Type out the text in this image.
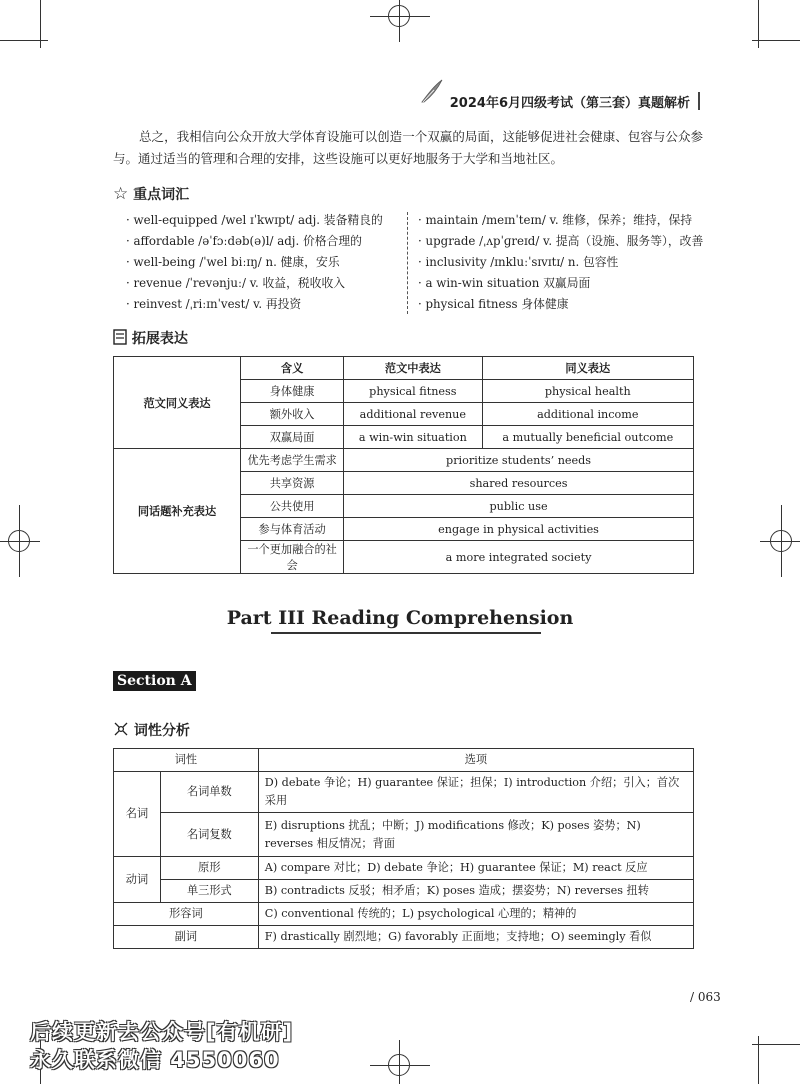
2024年6月四级考试（第三套）真题解析
总之，我相信向公众开放大学体育设施可以创造一个双赢的局面，这能够促进社会健康、包容与公众参与。通过适当的管理和合理的安排，这些设施可以更好地服务于大学和当地社区。
☆ 重点词汇
· well-equipped /wel ɪˈkwɪpt/ adj. 装备精良的
· affordable /əˈfɔːdəb(ə)l/ adj. 价格合理的
· well-being /ˈwel biːɪŋ/ n. 健康，安乐
· revenue /ˈrevənjuː/ v. 收益，税收收入
· reinvest /ˌriːɪnˈvest/ v. 再投资
· maintain /meɪnˈteɪn/ v. 维修，保养；维持，保持
· upgrade /ˌʌpˈɡreɪd/ v. 提高（设施、服务等），改善
· inclusivity /ɪnkluːˈsɪvɪtɪ/ n. 包容性
· a win-win situation 双赢局面
· physical fitness 身体健康
拓展表达
范文同义表达	含义	范文中表达	同义表达
	身体健康	physical fitness	physical health
	额外收入	additional revenue	additional income
	双赢局面	a win-win situation	a mutually beneficial outcome
同话题补充表达	优先考虑学生需求	prioritize students’ needs	
	共享资源	shared resources	
	公共使用	public use	
	参与体育活动	engage in physical activities	
	一个更加融合的社会	a more integrated society	
Part III Reading Comprehension
Section A
词性分析
词性		选项
名词	名词单数	D) debate 争论；H) guarantee 保证；担保；I) introduction 介绍；引入；首次采用
	名词复数	E) disruptions 扰乱；中断；J) modifications 修改；K) poses 姿势；N) reverses 相反情况；背面
动词	原形	A) compare 对比；D) debate 争论；H) guarantee 保证；M) react 反应
	单三形式	B) contradicts 反驳；相矛盾；K) poses 造成；摆姿势；N) reverses 扭转
形容词		C) conventional 传统的；L) psychological 心理的；精神的
副词		F) drastically 剧烈地；G) favorably 正面地；支持地；O) seemingly 看似
/ 063
后续更新去公众号[有机研]
永久联系微信 4550060
